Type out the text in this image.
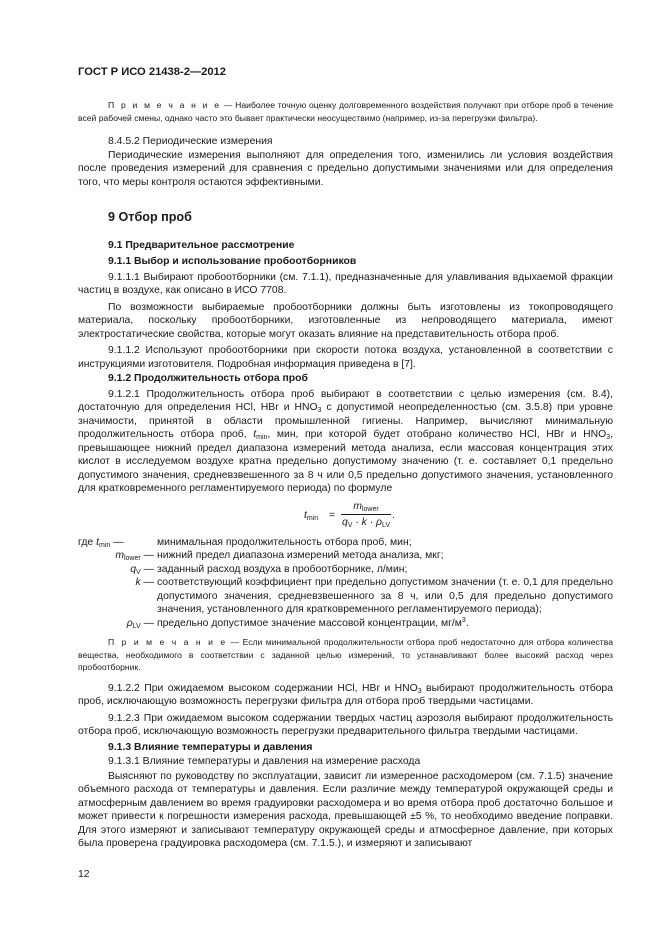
ГОСТ Р ИСО 21438-2—2012

П р и м е ч а н и е — Наиболее точную оценку долговременного воздействия получают при отборе проб в течение всей рабочей смены, однако часто это бывает практически неосуществимо (например, из-за перегрузки фильтра).

8.4.5.2 Периодические измерения

Периодические измерения выполняют для определения того, изменились ли условия воздействия после проведения измерений для сравнения с предельно допустимыми значениями или для определения того, что меры контроля остаются эффективными.

9 Отбор проб

9.1 Предварительное рассмотрение

9.1.1 Выбор и использование пробоотборников

9.1.1.1 Выбирают пробоотборники (см. 7.1.1), предназначенные для улавливания вдыхаемой фракции частиц в воздухе, как описано в ИСО 7708.

По возможности выбираемые пробоотборники должны быть изготовлены из токопроводящего материала, поскольку пробоотборники, изготовленные из непроводящего материала, имеют электростатические свойства, которые могут оказать влияние на представительность отбора проб.

9.1.1.2 Используют пробоотборники при скорости потока воздуха, установленной в соответствии с инструкциями изготовителя. Подробная информация приведена в [7].

9.1.2 Продолжительность отбора проб

9.1.2.1 Продолжительность отбора проб выбирают в соответствии с целью измерения (см. 8.4), достаточную для определения HCl, HBr и $HNO_3$ с допустимой неопределенностью (см. 3.5.8) при уровне значимости, принятой в области промышленной гигиены. Например, вычисляют минимальную продолжительность отбора проб, $t_{min}$, мин, при которой будет отобрано количество HCl, HBr и $HNO_3$, превышающее нижний предел диапазона измерений метода анализа, если массовая концентрация этих кислот в исследуемом воздухе кратна предельно допустимому значению (т. е. составляет 0,1 предельно допустимого значения, средневзвешенного за 8 ч или 0,5 предельно допустимого значения, установленного для кратковременного регламентируемого периода) по формуле

$t_{min}$ =
$m_{lower}$
$q_V \cdot k \cdot \rho_{LV}$
.
где $t_{min}$ —	минимальная продолжительность отбора проб, мин;
$m_{lower}$ — нижний предел диапазона измерений метода анализа, мкг;
$q_V$ — заданный расход воздуха в пробоотборнике, л/мин;
k — соответствующий коэффициент при предельно допустимом значении (т. е. 0,1 для предельно допустимого значения, средневзвешенного за 8 ч, или 0,5 для предельно допустимого значения, установленного для кратковременного регламентируемого периода);
$\rho_{LV}$ — предельно допустимое значение массовой концентрации, $мг/м^3$.

П р и м е ч а н и е — Если минимальной продолжительности отбора проб недостаточно для отбора количества вещества, необходимого в соответствии с заданной целью измерений, то устанавливают более высокий расход через пробоотборник.

9.1.2.2 При ожидаемом высоком содержании HCl, HBr и $HNO_3$ выбирают продолжительность отбора проб, исключающую возможность перегрузки фильтра для отбора проб твердыми частицами.

9.1.2.3 При ожидаемом высоком содержании твердых частиц аэрозоля выбирают продолжительность отбора проб, исключающую возможность перегрузки предварительного фильтра твердыми частицами.

9.1.3 Влияние температуры и давления

9.1.3.1 Влияние температуры и давления на измерение расхода

Выясняют по руководству по эксплуатации, зависит ли измеренное расходомером (см. 7.1.5) значение объемного расхода от температуры и давления. Если различие между температурой окружающей среды и атмосферным давлением во время градуировки расходомера и во время отбора проб достаточно большое и может привести к погрешности измерения расхода, превышающей ±5 %, то необходимо введение поправки. Для этого измеряют и записывают температуру окружающей среды и атмосферное давление, при которых была проверена градуировка расходомера (см. 7.1.5.), и измеряют и записывают

12
